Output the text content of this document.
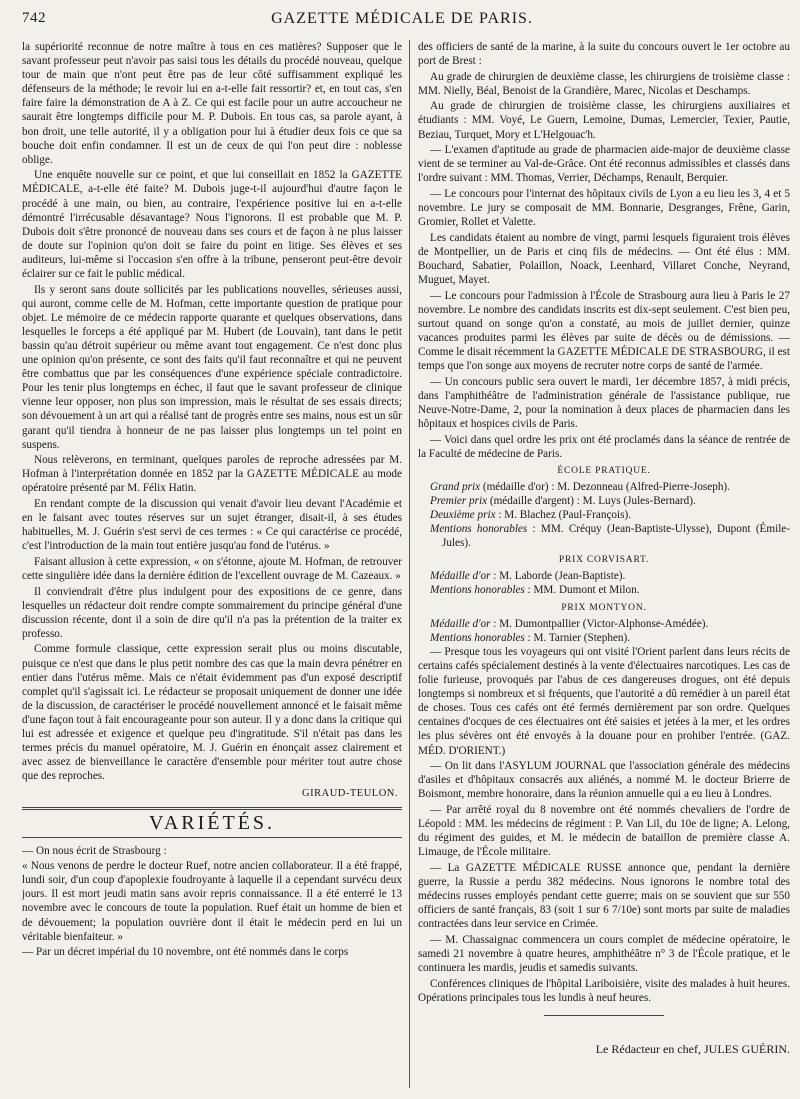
742	GAZETTE MÉDICALE DE PARIS.

la supériorité reconnue de notre maître à tous en ces matières? Supposer que le savant professeur peut n'avoir pas saisi tous les détails du procédé nouveau, quelque tour de main que n'ont peut être pas de leur côté suffisamment expliqué les défenseurs de la méthode; le revoir lui en a-t-elle fait ressortir? et, en tout cas, s'en faire faire la démonstration de A à Z. Ce qui est facile pour un autre accoucheur ne saurait être longtemps difficile pour M. P. Dubois. En tous cas, sa parole ayant, à bon droit, une telle autorité, il y a obligation pour lui à étudier deux fois ce que sa bouche doit enfin condamner. Il est un de ceux de qui l'on peut dire : noblesse oblige.

Une enquête nouvelle sur ce point, et que lui conseillait en 1852 la GAZETTE MÉDICALE, a-t-elle été faite? M. Dubois juge-t-il aujourd'hui d'autre façon le procédé à une main, ou bien, au contraire, l'expérience positive lui en a-t-elle démontré l'irrécusable désavantage? Nous l'ignorons. Il est probable que M. P. Dubois doit s'être prononcé de nouveau dans ses cours et de façon à ne plus laisser de doute sur l'opinion qu'on doit se faire du point en litige. Ses élèves et ses auditeurs, lui-même si l'occasion s'en offre à la tribune, penseront peut-être devoir éclairer sur ce fait le public médical.

Ils y seront sans doute sollicités par les publications nouvelles, sérieuses aussi, qui auront, comme celle de M. Hofman, cette importante question de pratique pour objet. Le mémoire de ce médecin rapporte quarante et quelques observations, dans lesquelles le forceps a été appliqué par M. Hubert (de Louvain), tant dans le petit bassin qu'au détroit supérieur ou même avant tout engagement. Ce n'est donc plus une opinion qu'on présente, ce sont des faits qu'il faut reconnaître et qui ne peuvent être combattus que par les conséquences d'une expérience spéciale contradictoire. Pour les tenir plus longtemps en échec, il faut que le savant professeur de clinique vienne leur opposer, non plus son impression, mais le résultat de ses essais directs; son dévouement à un art qui a réalisé tant de progrès entre ses mains, nous est un sûr garant qu'il tiendra à honneur de ne pas laisser plus longtemps un tel point en suspens.

Nous relèverons, en terminant, quelques paroles de reproche adressées par M. Hofman à l'interprétation donnée en 1852 par la GAZETTE MÉDICALE au mode opératoire présenté par M. Félix Hatin.

En rendant compte de la discussion qui venait d'avoir lieu devant l'Académie et en le faisant avec toutes réserves sur un sujet étranger, disait-il, à ses études habituelles, M. J. Guérin s'est servi de ces termes : « Ce qui caractérise ce procédé, c'est l'introduction de la main tout entière jusqu'au fond de l'utérus. »

Faisant allusion à cette expression, « on s'étonne, ajoute M. Hofman, de retrouver cette singulière idée dans la dernière édition de l'excellent ouvrage de M. Cazeaux. »

Il conviendrait d'être plus indulgent pour des expositions de ce genre, dans lesquelles un rédacteur doit rendre compte sommairement du principe général d'une discussion récente, dont il a soin de dire qu'il n'a pas la prétention de la traiter ex professo.

Comme formule classique, cette expression serait plus ou moins discutable, puisque ce n'est que dans le plus petit nombre des cas que la main devra pénétrer en entier dans l'utérus même. Mais ce n'était évidemment pas d'un exposé descriptif complet qu'il s'agissait ici. Le rédacteur se proposait uniquement de donner une idée de la discussion, de caractériser le procédé nouvellement annoncé et le faisait même d'une façon tout à fait encourageante pour son auteur. Il y a donc dans la critique qui lui est adressée et exigence et quelque peu d'ingratitude. S'il n'était pas dans les termes précis du manuel opératoire, M. J. Guérin en énonçait assez clairement et avec assez de bienveillance le caractère d'ensemble pour mériter tout autre chose que des reproches.

GIRAUD-TEULON.
VARIÉTÉS.

— On nous écrit de Strasbourg :

« Nous venons de perdre le docteur Ruef, notre ancien collaborateur. Il a été frappé, lundi soir, d'un coup d'apoplexie foudroyante à laquelle il a cependant survécu deux jours. Il est mort jeudi matin sans avoir repris connaissance. Il a été enterré le 13 novembre avec le concours de toute la population. Ruef était un homme de bien et de dévouement; la population ouvrière dont il était le médecin perd en lui un véritable bienfaiteur. »

— Par un décret impérial du 10 novembre, ont été nommés dans le corps

des officiers de santé de la marine, à la suite du concours ouvert le 1er octobre au port de Brest :

Au grade de chirurgien de deuxième classe, les chirurgiens de troisième classe : MM. Nielly, Béal, Benoist de la Grandière, Marec, Nicolas et Deschamps.

Au grade de chirurgien de troisième classe, les chirurgiens auxiliaires et étudiants : MM. Voyé, Le Guern, Lemoine, Dumas, Lemercier, Texier, Pautie, Beziau, Turquet, Mory et L'Helgouac'h.

— L'examen d'aptitude au grade de pharmacien aide-major de deuxième classe vient de se terminer au Val-de-Grâce. Ont été reconnus admissibles et classés dans l'ordre suivant : MM. Thomas, Verrier, Déchamps, Renault, Berquier.

— Le concours pour l'internat des hôpitaux civils de Lyon a eu lieu les 3, 4 et 5 novembre. Le jury se composait de MM. Bonnarie, Desgranges, Frêne, Garin, Gromier, Rollet et Valette.

Les candidats étaient au nombre de vingt, parmi lesquels figuraient trois élèves de Montpellier, un de Paris et cinq fils de médecins. — Ont été élus : MM. Bouchard, Sabatier, Polaillon, Noack, Leenhard, Villaret Conche, Neyrand, Muguet, Mayet.

— Le concours pour l'admission à l'École de Strasbourg aura lieu à Paris le 27 novembre. Le nombre des candidats inscrits est dix-sept seulement. C'est bien peu, surtout quand on songe qu'on a constaté, au mois de juillet dernier, quinze vacances produites parmi les élèves par suite de décès ou de démissions. — Comme le disait récemment la GAZETTE MÉDICALE DE STRASBOURG, il est temps que l'on songe aux moyens de recruter notre corps de santé de l'armée.

— Un concours public sera ouvert le mardi, 1er décembre 1857, à midi précis, dans l'amphithéâtre de l'administration générale de l'assistance publique, rue Neuve-Notre-Dame, 2, pour la nomination à deux places de pharmacien dans les hôpitaux et hospices civils de Paris.

— Voici dans quel ordre les prix ont été proclamés dans la séance de rentrée de la Faculté de médecine de Paris.

ÉCOLE PRATIQUE.
Grand prix (médaille d'or) : M. Dezonneau (Alfred-Pierre-Joseph).
Premier prix (médaille d'argent) : M. Luys (Jules-Bernard).
Deuxième prix : M. Blachez (Paul-François).
Mentions honorables : MM. Créquy (Jean-Baptiste-Ulysse), Dupont (Émile-Jules).
PRIX CORVISART.
Médaille d'or : M. Laborde (Jean-Baptiste).
Mentions honorables : MM. Dumont et Milon.
PRIX MONTYON.
Médaille d'or : M. Dumontpallier (Victor-Alphonse-Amédée).
Mentions honorables : M. Tarnier (Stephen).

— Presque tous les voyageurs qui ont visité l'Orient parlent dans leurs récits de certains cafés spécialement destinés à la vente d'électuaires narcotiques. Les cas de folie furieuse, provoqués par l'abus de ces dangereuses drogues, ont été depuis longtemps si nombreux et si fréquents, que l'autorité a dû remédier à un pareil état de choses. Tous ces cafés ont été fermés dernièrement par son ordre. Quelques centaines d'ocques de ces électuaires ont été saisies et jetées à la mer, et les ordres les plus sévères ont été envoyés à la douane pour en prohiber l'entrée. (GAZ. MÉD. D'ORIENT.)

— On lit dans l'ASYLUM JOURNAL que l'association générale des médecins d'asiles et d'hôpitaux consacrés aux aliénés, a nommé M. le docteur Brierre de Boismont, membre honoraire, dans la réunion annuelle qui a eu lieu à Londres.

— Par arrêté royal du 8 novembre ont été nommés chevaliers de l'ordre de Léopold : MM. les médecins de régiment : P. Van Lil, du 10e de ligne; A. Lelong, du régiment des guides, et M. le médecin de bataillon de première classe A. Limauge, de l'École militaire.

— La GAZETTE MÉDICALE RUSSE annonce que, pendant la dernière guerre, la Russie a perdu 382 médecins. Nous ignorons le nombre total des médecins russes employés pendant cette guerre; mais on se souvient que sur 550 officiers de santé français, 83 (soit 1 sur 6 7/10e) sont morts par suite de maladies contractées dans leur service en Crimée.

— M. Chassaignac commencera un cours complet de médecine opératoire, le samedi 21 novembre à quatre heures, amphithéâtre n° 3 de l'École pratique, et le continuera les mardis, jeudis et samedis suivants.

Conférences cliniques de l'hôpital Lariboisière, visite des malades à huit heures. Opérations principales tous les lundis à neuf heures.

Le Rédacteur en chef, JULES GUÉRIN.
